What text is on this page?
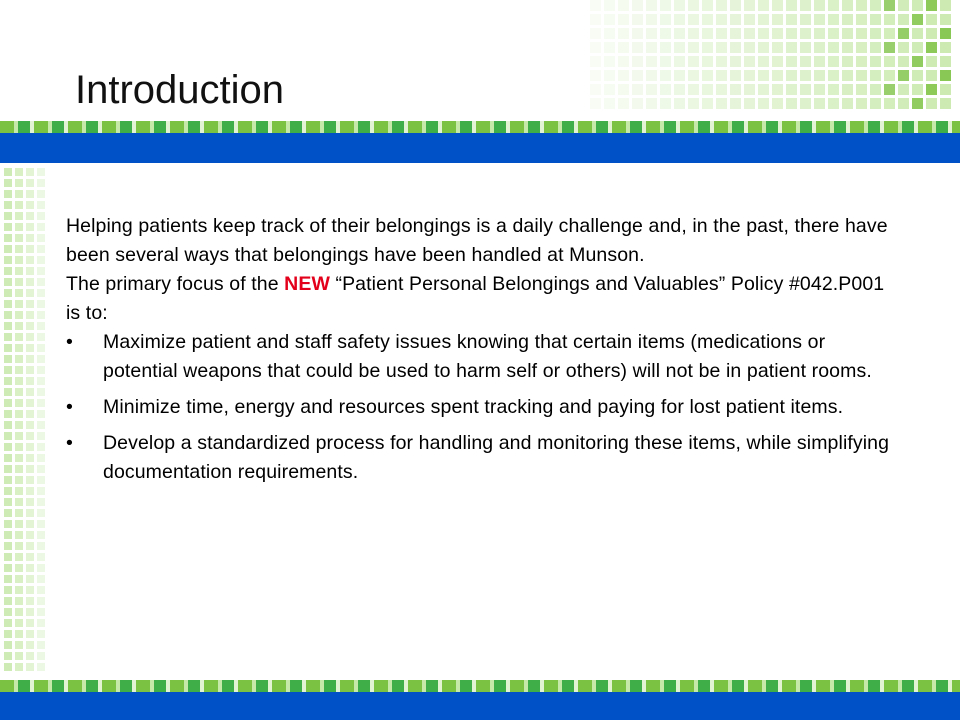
Introduction

Helping patients keep track of their belongings is a daily challenge and, in the past, there have been several ways that belongings have been handled at Munson.

The primary focus of the NEW “Patient Personal Belongings and Valuables” Policy #042.P001 is to:

• Maximize patient and staff safety issues knowing that certain items (medications or potential weapons that could be used to harm self or others) will not be in patient rooms.
• Minimize time, energy and resources spent tracking and paying for lost patient items.
• Develop a standardized process for handling and monitoring these items, while simplifying documentation requirements.
